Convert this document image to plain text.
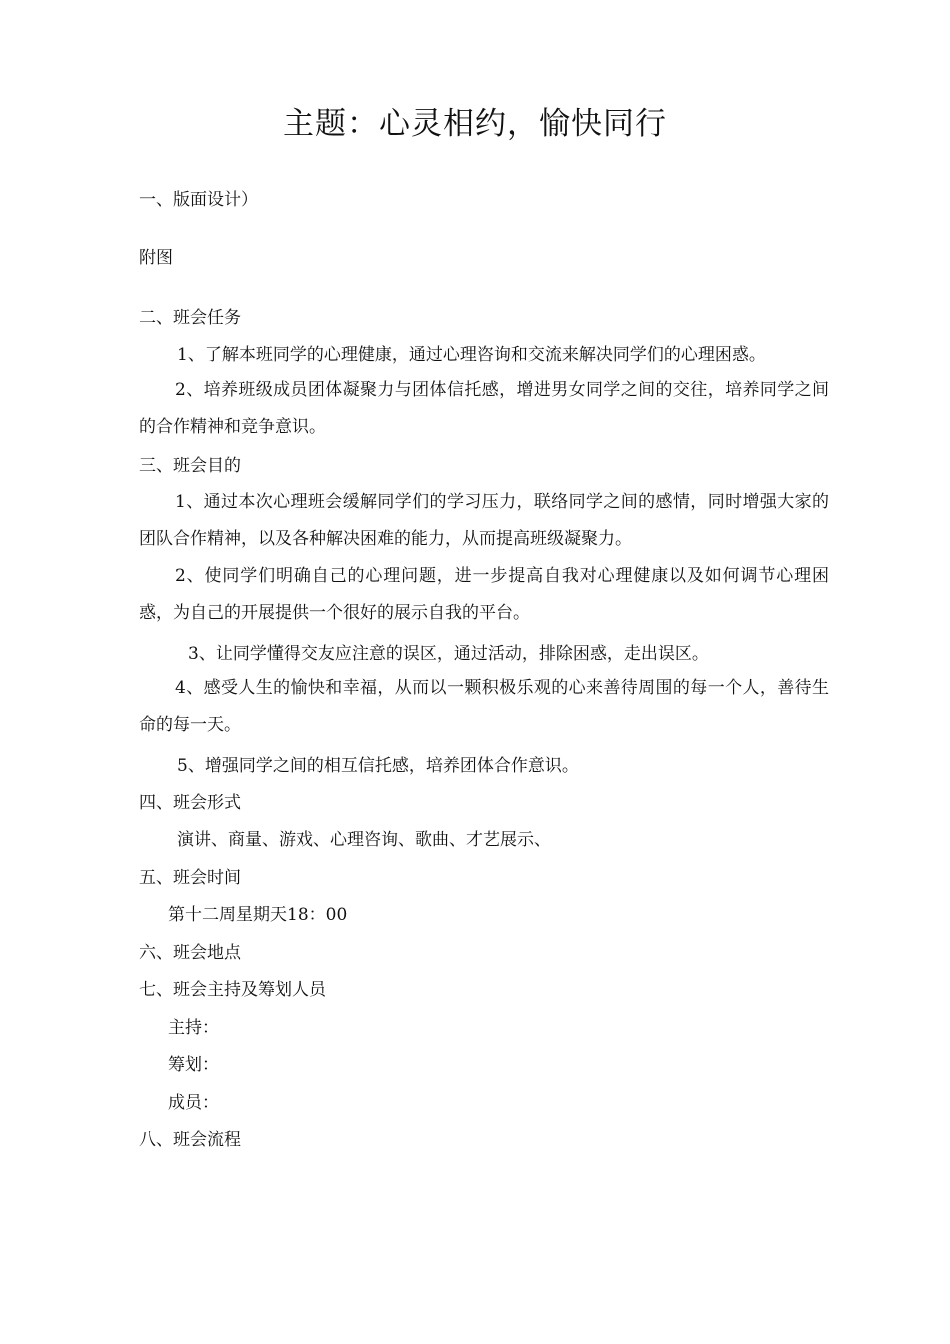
主题：心灵相约，愉快同行

一、版面设计）

附图

二、班会任务

1、了解本班同学的心理健康，通过心理咨询和交流来解决同学们的心理困惑。

2、培养班级成员团体凝聚力与团体信托感，增进男女同学之间的交往，培养同学之间的合作精神和竞争意识。

三、班会目的

1、通过本次心理班会缓解同学们的学习压力，联络同学之间的感情，同时增强大家的团队合作精神，以及各种解决困难的能力，从而提高班级凝聚力。

2、使同学们明确自己的心理问题，进一步提高自我对心理健康以及如何调节心理困惑，为自己的开展提供一个很好的展示自我的平台。

3、让同学懂得交友应注意的误区，通过活动，排除困惑，走出误区。

4、感受人生的愉快和幸福，从而以一颗积极乐观的心来善待周围的每一个人，善待生命的每一天。

5、增强同学之间的相互信托感，培养团体合作意识。

四、班会形式

演讲、商量、游戏、心理咨询、歌曲、才艺展示、

五、班会时间

第十二周星期天18：00

六、班会地点

七、班会主持及筹划人员

主持：

筹划：

成员：

八、班会流程
